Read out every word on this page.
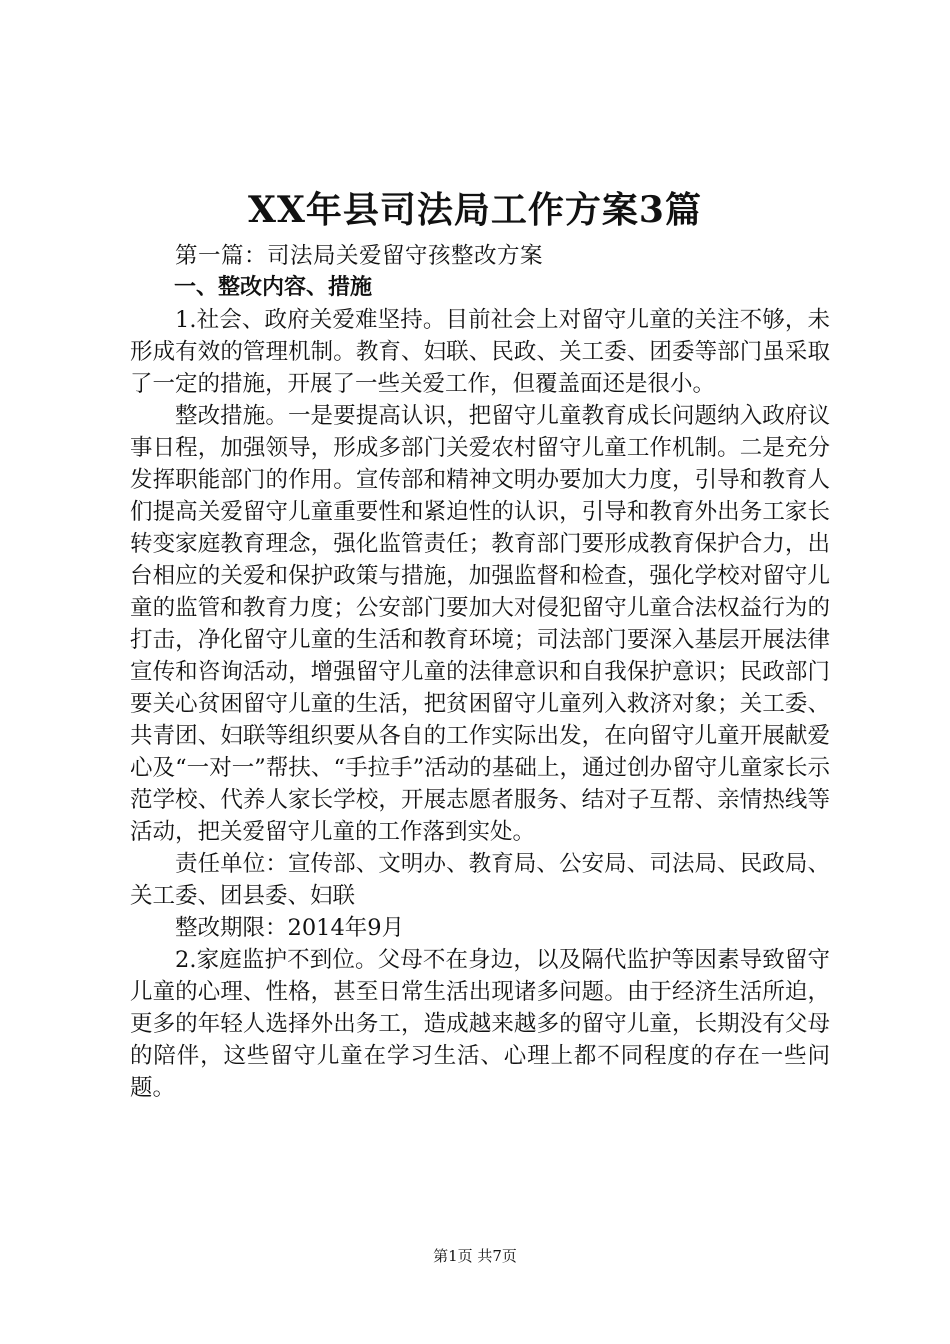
XX年县司法局工作方案3篇

第一篇：司法局关爱留守孩整改方案

一、整改内容、措施

1.社会、政府关爱难坚持。目前社会上对留守儿童的关注不够，未形成有效的管理机制。教育、妇联、民政、关工委、团委等部门虽采取了一定的措施，开展了一些关爱工作，但覆盖面还是很小。

整改措施。一是要提高认识，把留守儿童教育成长问题纳入政府议事日程，加强领导，形成多部门关爱农村留守儿童工作机制。二是充分发挥职能部门的作用。宣传部和精神文明办要加大力度，引导和教育人们提高关爱留守儿童重要性和紧迫性的认识，引导和教育外出务工家长转变家庭教育理念，强化监管责任；教育部门要形成教育保护合力，出台相应的关爱和保护政策与措施，加强监督和检查，强化学校对留守儿童的监管和教育力度；公安部门要加大对侵犯留守儿童合法权益行为的打击，净化留守儿童的生活和教育环境；司法部门要深入基层开展法律宣传和咨询活动，增强留守儿童的法律意识和自我保护意识；民政部门要关心贫困留守儿童的生活，把贫困留守儿童列入救济对象；关工委、共青团、妇联等组织要从各自的工作实际出发，在向留守儿童开展献爱心及“一对一”帮扶、“手拉手”活动的基础上，通过创办留守儿童家长示范学校、代养人家长学校，开展志愿者服务、结对子互帮、亲情热线等活动，把关爱留守儿童的工作落到实处。

责任单位：宣传部、文明办、教育局、公安局、司法局、民政局、关工委、团县委、妇联

整改期限：2014年9月

2.家庭监护不到位。父母不在身边，以及隔代监护等因素导致留守儿童的心理、性格，甚至日常生活出现诸多问题。由于经济生活所迫，更多的年轻人选择外出务工，造成越来越多的留守儿童，长期没有父母的陪伴，这些留守儿童在学习生活、心理上都不同程度的存在一些问题。

第1页 共7页
